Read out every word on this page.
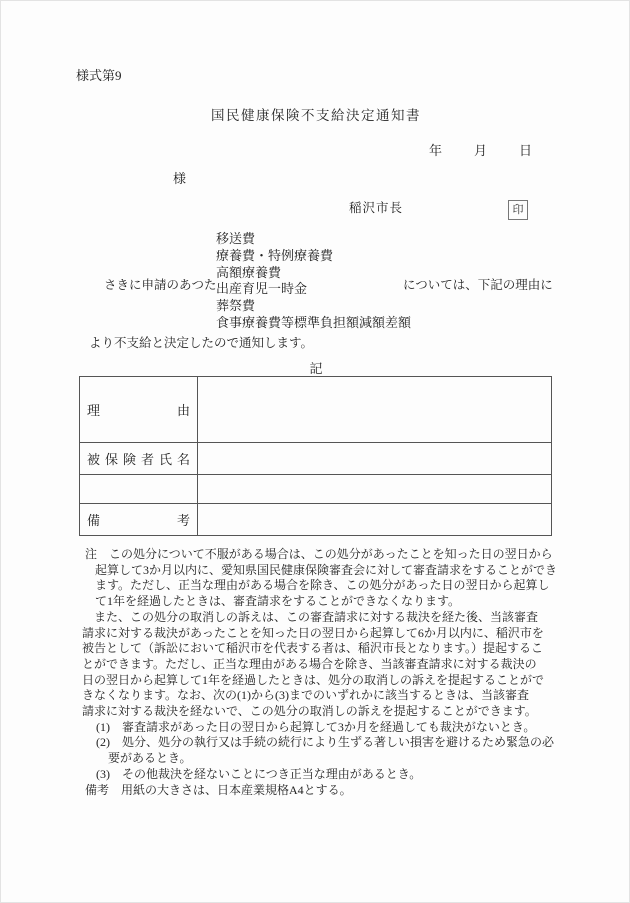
様式第9
国民健康保険不支給決定通知書
年 月 日
様
稲沢市長	印
さきに申請のあつた
移送費
療養費・特例療養費
高額療養費
出産育児一時金
葬祭費
食事療養費等標準負担額減額差額
については、下記の理由に
より不支給と決定したので通知します。
記
理由	
被保険者氏名	

備考	
注　この処分について不服がある場合は、この処分があったことを知った日の翌日から
起算して3か月以内に、愛知県国民健康保険審査会に対して審査請求をすることができ
ます。ただし、正当な理由がある場合を除き、この処分があった日の翌日から起算し
て1年を経過したときは、審査請求をすることができなくなります。
　また、この処分の取消しの訴えは、この審査請求に対する裁決を経た後、当該審査
請求に対する裁決があったことを知った日の翌日から起算して6か月以内に、稲沢市を
被告として（訴訟において稲沢市を代表する者は、稲沢市長となります。）提起するこ
とができます。ただし、正当な理由がある場合を除き、当該審査請求に対する裁決の
日の翌日から起算して1年を経過したときは、処分の取消しの訴えを提起することがで
きなくなります。なお、次の(1)から(3)までのいずれかに該当するときは、当該審査
請求に対する裁決を経ないで、この処分の取消しの訴えを提起することができます。
(1)　審査請求があった日の翌日から起算して3か月を経過しても裁決がないとき。
(2)　処分、処分の執行又は手続の続行により生ずる著しい損害を避けるため緊急の必
要があるとき。
(3)　その他裁決を経ないことにつき正当な理由があるとき。
備考　用紙の大きさは、日本産業規格A4とする。
